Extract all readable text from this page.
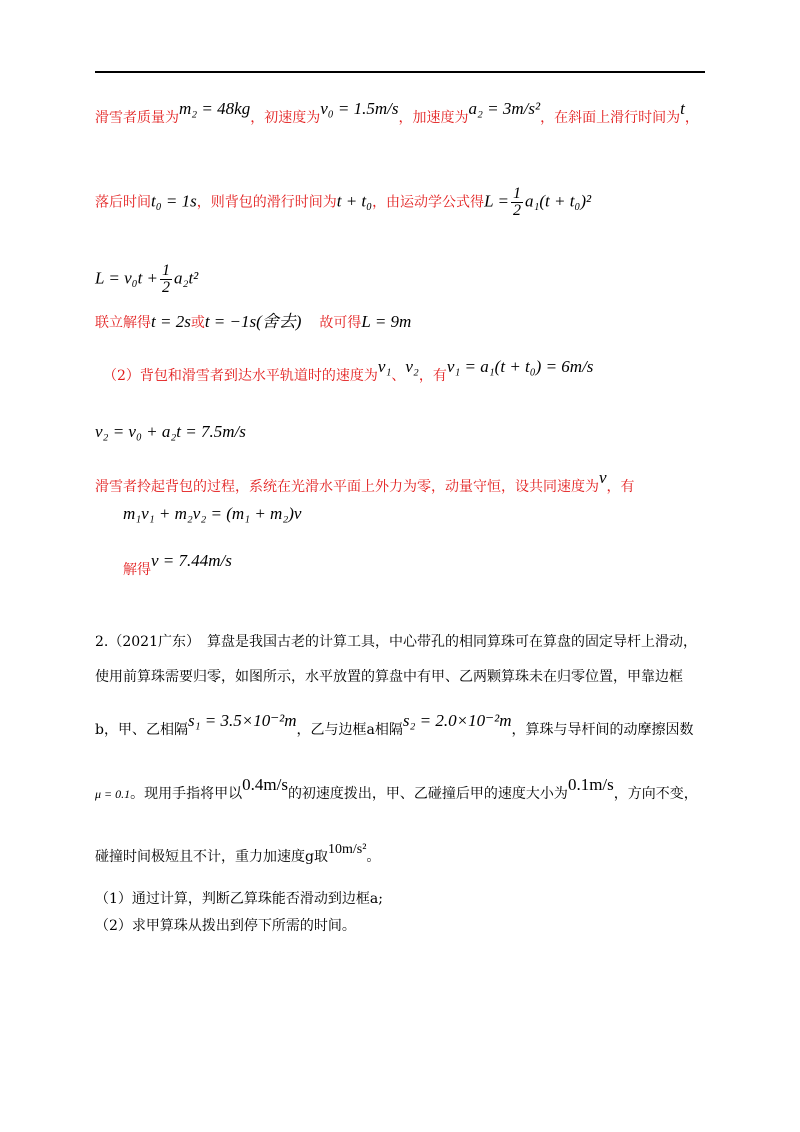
滑雪者质量为m₂ = 48kg，初速度为v₀ = 1.5m/s，加速度为a₂ = 3m/s²，在斜面上滑行时间为t，
落后时间t₀ = 1s，则背包的滑行时间为t + t₀，由运动学公式得$L = \frac{1}{2} a_1(t + t_0)^2$
$L = v_0t + \frac{1}{2} a_2t^2$
联立解得t = 2s或t = −1s(舍去) 故可得L = 9m
（2）背包和滑雪者到达水平轨道时的速度为v₁、v₂，有v₁ = a₁(t + t₀) = 6m/s
v₂ = v₀ + a₂t = 7.5m/s
滑雪者拎起背包的过程，系统在光滑水平面上外力为零，动量守恒，设共同速度为v，有
m₁v₁ + m₂v₂ = (m₁ + m₂)v
解得v = 7.44m/s
2.（2021广东）　算盘是我国古老的计算工具，中心带孔的相同算珠可在算盘的固定导杆上滑动，
使用前算珠需要归零，如图所示，水平放置的算盘中有甲、乙两颗算珠未在归零位置，甲靠边框
b，甲、乙相隔s₁ = 3.5×10⁻²m，乙与边框a相隔s₂ = 2.0×10⁻²m，算珠与导杆间的动摩擦因数
μ = 0.1。现用手指将甲以0.4m/s的初速度拨出，甲、乙碰撞后甲的速度大小为0.1m/s，方向不变，
碰撞时间极短且不计，重力加速度g取10m/s²。
（1）通过计算，判断乙算珠能否滑动到边框a;
（2）求甲算珠从拨出到停下所需的时间。
